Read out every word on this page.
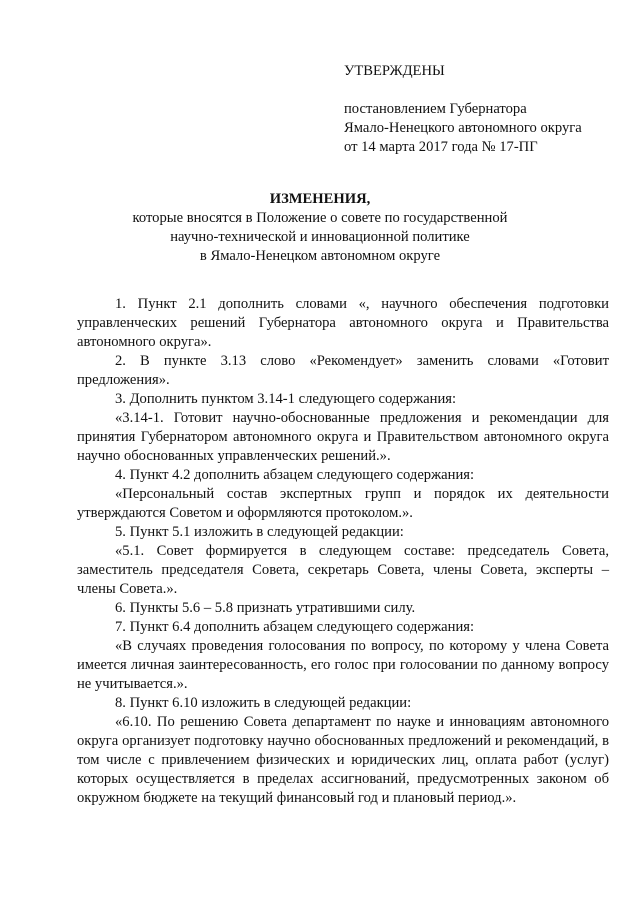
УТВЕРЖДЕНЫ
постановлением Губернатора
Ямало-Ненецкого автономного округа
от 14 марта 2017 года № 17-ПГ
ИЗМЕНЕНИЯ,
которые вносятся в Положение о совете по государственной
научно-технической и инновационной политике
в Ямало-Ненецком автономном округе

1. Пункт 2.1 дополнить словами «, научного обеспечения подготовки управленческих решений Губернатора автономного округа и Правительства автономного округа».

2. В пункте 3.13 слово «Рекомендует» заменить словами «Готовит предложения».

3. Дополнить пунктом 3.14-1 следующего содержания:

«3.14-1. Готовит научно-обоснованные предложения и рекомендации для принятия Губернатором автономного округа и Правительством автономного округа научно обоснованных управленческих решений.».

4. Пункт 4.2 дополнить абзацем следующего содержания:

«Персональный состав экспертных групп и порядок их деятельности утверждаются Советом и оформляются протоколом.».

5. Пункт 5.1 изложить в следующей редакции:

«5.1. Совет формируется в следующем составе: председатель Совета, заместитель председателя Совета, секретарь Совета, члены Совета, эксперты – члены Совета.».

6. Пункты 5.6 – 5.8 признать утратившими силу.

7. Пункт 6.4 дополнить абзацем следующего содержания:

«В случаях проведения голосования по вопросу, по которому у члена Совета имеется личная заинтересованность, его голос при голосовании по данному вопросу не учитывается.».

8. Пункт 6.10 изложить в следующей редакции:

«6.10. По решению Совета департамент по науке и инновациям автономного округа организует подготовку научно обоснованных предложений и рекомендаций, в том числе с привлечением физических и юридических лиц, оплата работ (услуг) которых осуществляется в пределах ассигнований, предусмотренных законом об окружном бюджете на текущий финансовый год и плановый период.».
